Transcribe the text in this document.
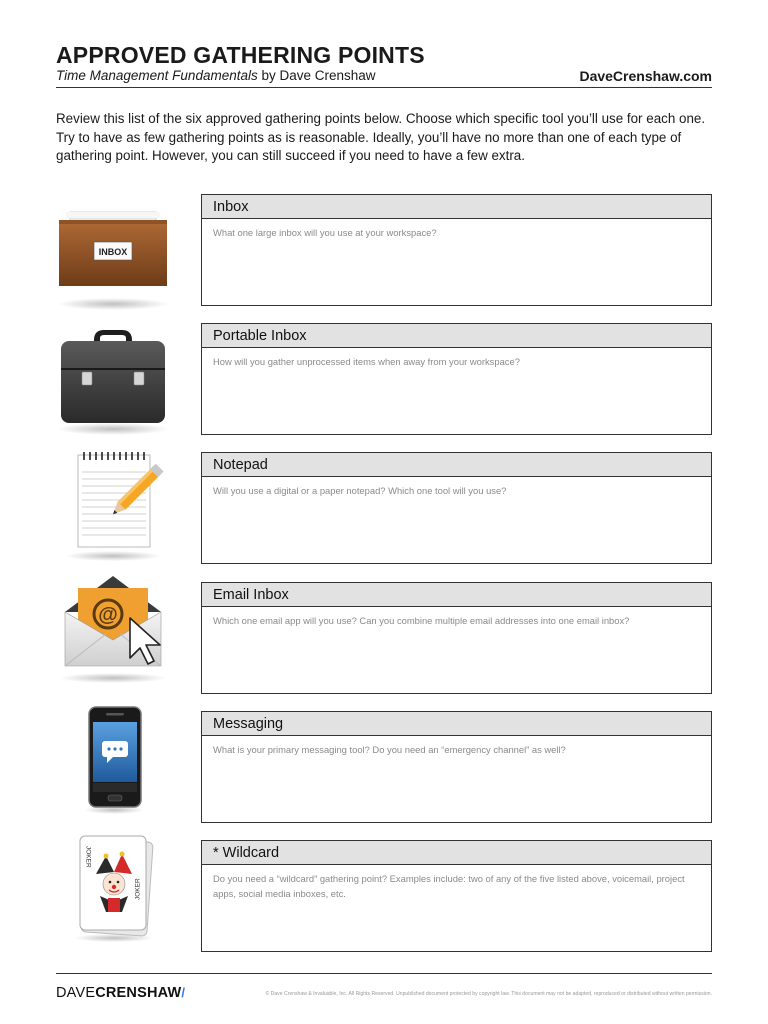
APPROVED GATHERING POINTS
Time Management Fundamentals by Dave Crenshaw	DaveCrenshaw.com

Review this list of the six approved gathering points below. Choose which specific tool you’ll use for each one. Try to have as few gathering points as is reasonable. Ideally, you’ll have no more than one of each type of gathering point. However, you can still succeed if you need to have a few extra.

INBOX
@
JOKER
JOKER
Inbox
What one large inbox will you use at your workspace?
Portable Inbox
How will you gather unprocessed items when away from your workspace?
Notepad
Will you use a digital or a paper notepad? Which one tool will you use?
Email Inbox
Which one email app will you use? Can you combine multiple email addresses into one email inbox?
Messaging
What is your primary messaging tool? Do you need an “emergency channel” as well?
* Wildcard
Do you need a “wildcard” gathering point? Examples include: two of any of the five listed above, voicemail, project apps, social media inboxes, etc.
DAVECRENSHAW/	© Dave Crenshaw & Invaluable, Inc. All Rights Reserved. Unpublished document protected by copyright law. This document may not be adapted, reproduced or distributed without written permission.
